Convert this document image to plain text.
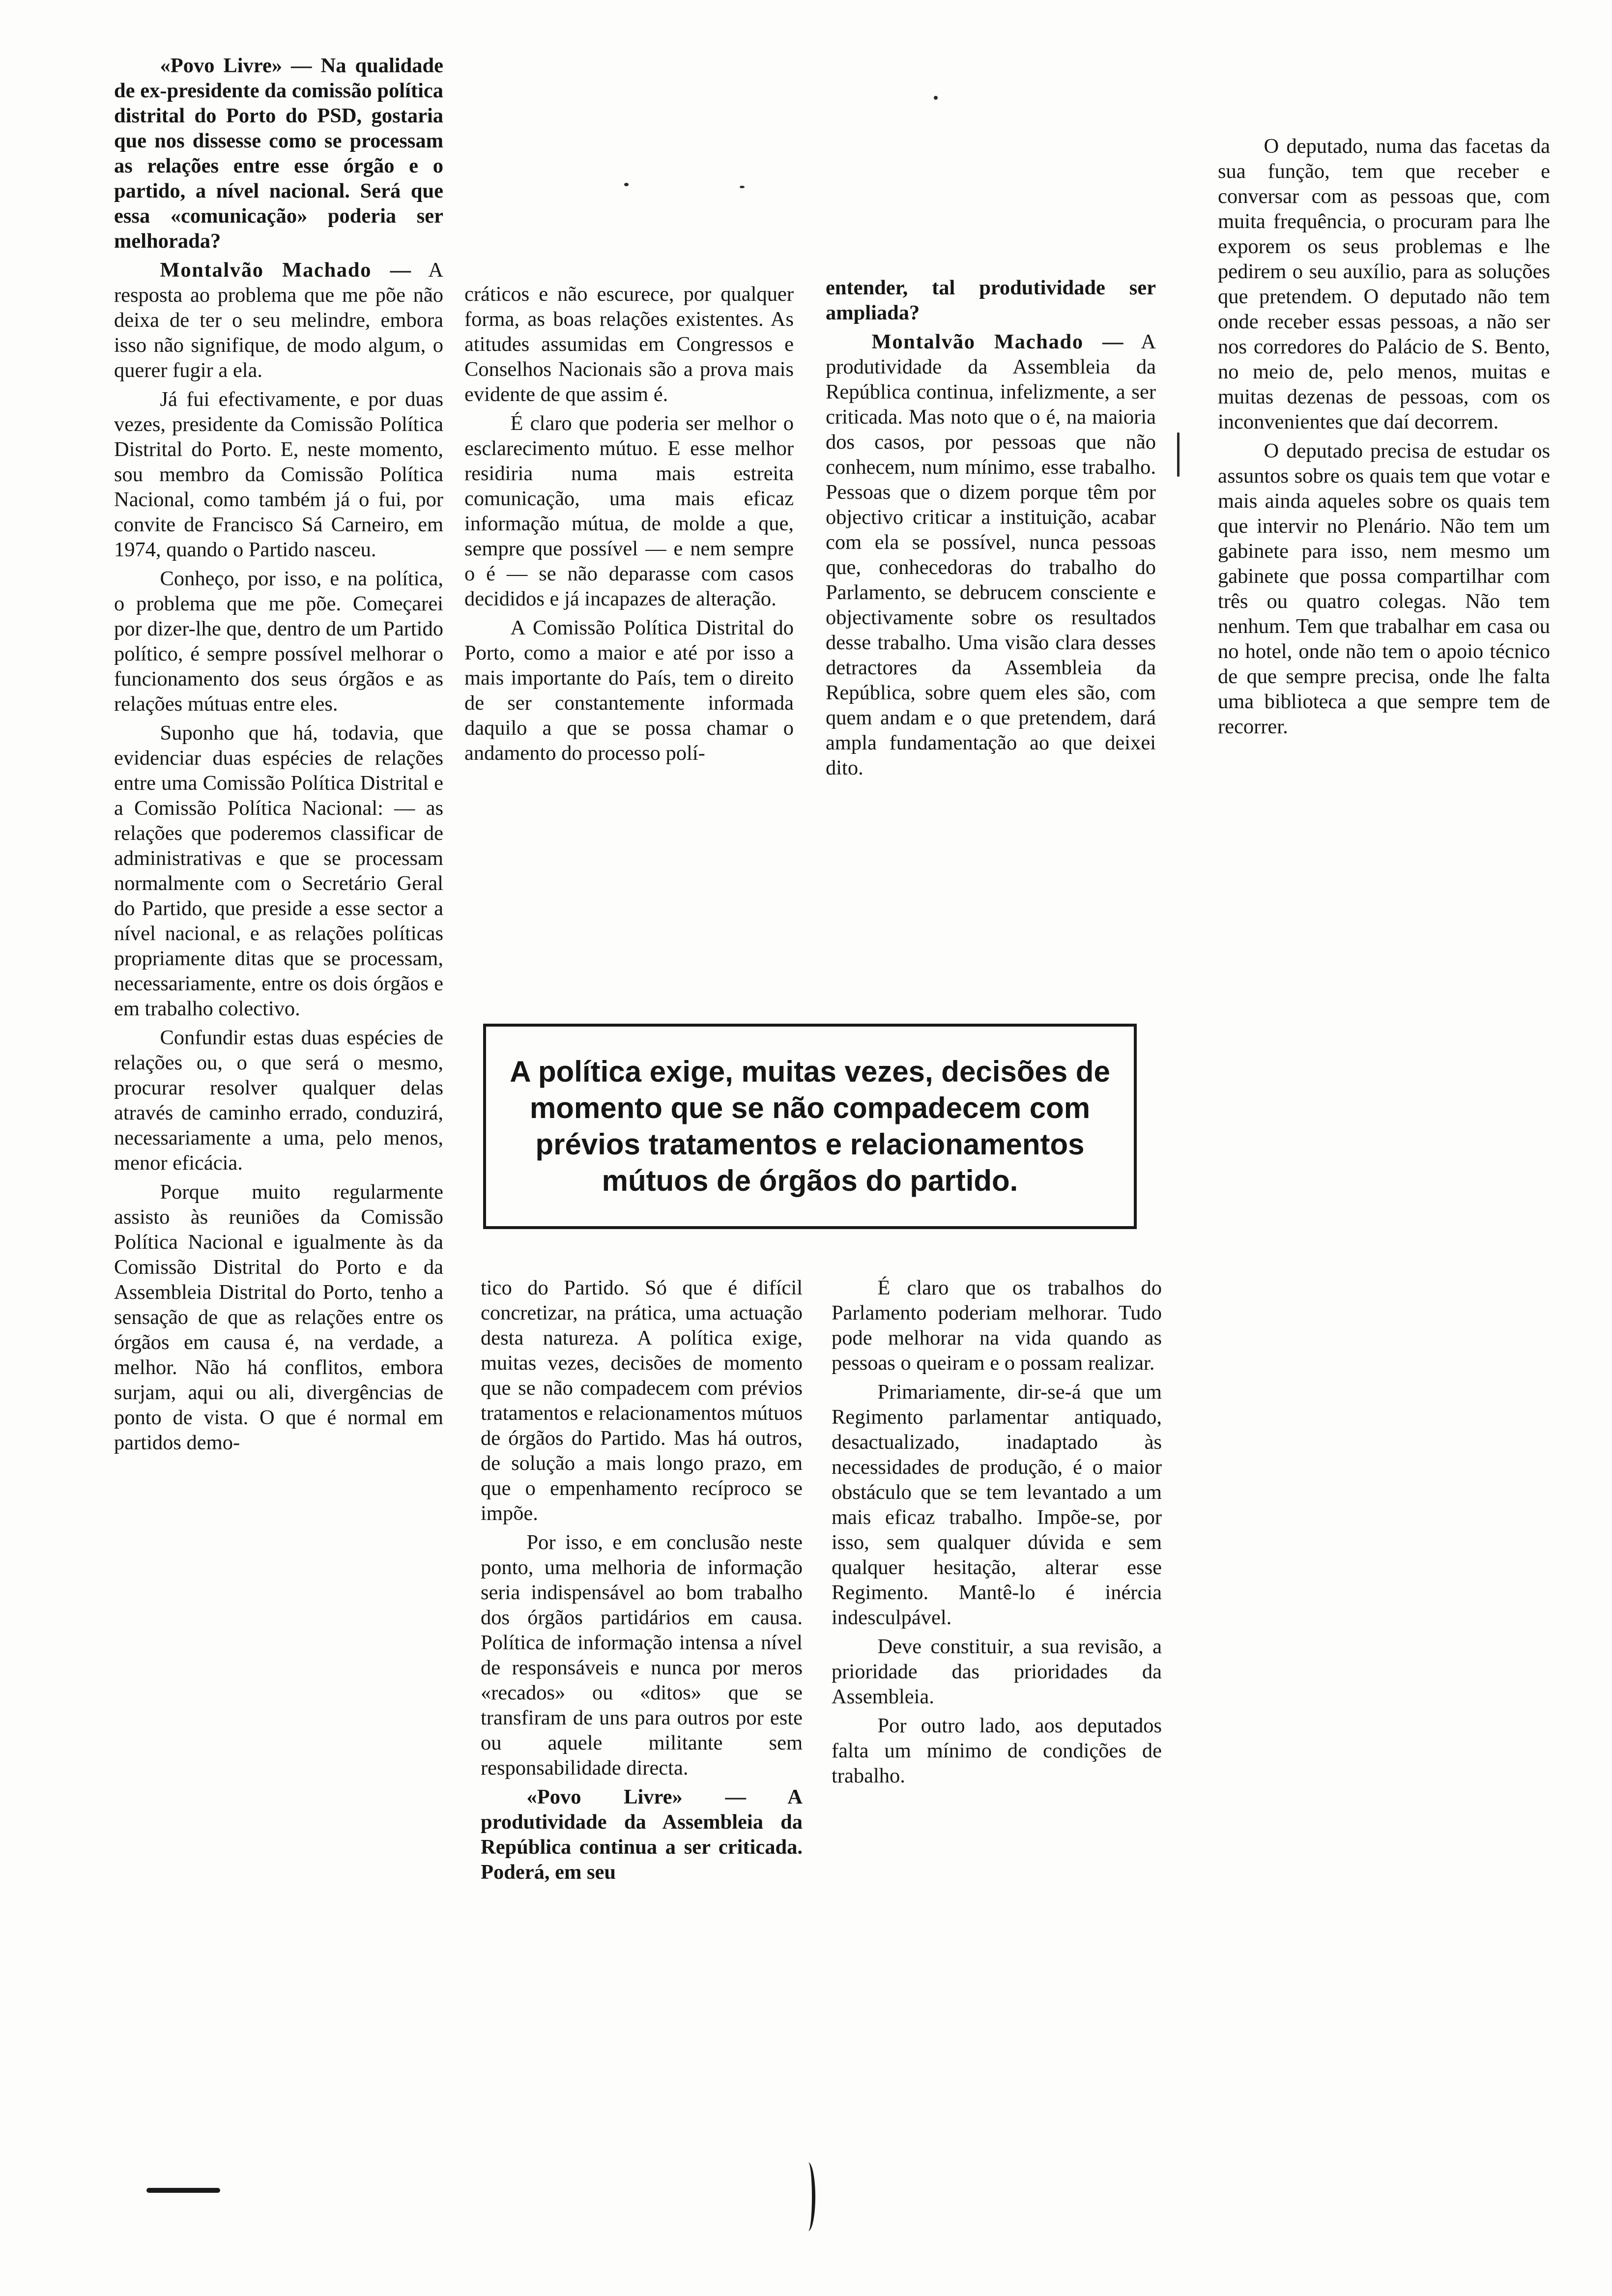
«Povo Livre» — Na qualidade de ex-presidente da comissão política distrital do Porto do PSD, gostaria que nos dissesse como se processam as relações entre esse órgão e o partido, a nível nacional. Será que essa «comunicação» poderia ser melhorada?

Montalvão Machado — A resposta ao problema que me põe não deixa de ter o seu melindre, embora isso não signifique, de modo algum, o querer fugir a ela.

Já fui efectivamente, e por duas vezes, presidente da Comissão Política Distrital do Porto. E, neste momento, sou membro da Comissão Política Nacional, como também já o fui, por convite de Francisco Sá Carneiro, em 1974, quando o Partido nasceu.

Conheço, por isso, e na política, o problema que me põe. Começarei por dizer-lhe que, dentro de um Partido político, é sempre possível melhorar o funcionamento dos seus órgãos e as relações mútuas entre eles.

Suponho que há, todavia, que evidenciar duas espécies de relações entre uma Comissão Política Distrital e a Comissão Política Nacional: — as relações que poderemos classificar de administrativas e que se processam normalmente com o Secretário Geral do Partido, que preside a esse sector a nível nacional, e as relações políticas propriamente ditas que se processam, necessariamente, entre os dois órgãos e em trabalho colectivo.

Confundir estas duas espécies de relações ou, o que será o mesmo, procurar resolver qualquer delas através de caminho errado, conduzirá, necessariamente a uma, pelo menos, menor eficácia.

Porque muito regularmente assisto às reuniões da Comissão Política Nacional e igualmente às da Comissão Distrital do Porto e da Assembleia Distrital do Porto, tenho a sensação de que as relações entre os órgãos em causa é, na verdade, a melhor. Não há conflitos, embora surjam, aqui ou ali, divergências de ponto de vista. O que é normal em partidos demo-

cráticos e não escurece, por qualquer forma, as boas relações existentes. As atitudes assumidas em Congressos e Conselhos Nacionais são a prova mais evidente de que assim é.

É claro que poderia ser melhor o esclarecimento mútuo. E esse melhor residiria numa mais estreita comunicação, uma mais eficaz informação mútua, de molde a que, sempre que possível — e nem sempre o é — se não deparasse com casos decididos e já incapazes de alteração.

A Comissão Política Distrital do Porto, como a maior e até por isso a mais importante do País, tem o direito de ser constantemente informada daquilo a que se possa chamar o andamento do processo polí-

entender, tal produtividade ser ampliada?

Montalvão Machado — A produtividade da Assembleia da República continua, infelizmente, a ser criticada. Mas noto que o é, na maioria dos casos, por pessoas que não conhecem, num mínimo, esse trabalho. Pessoas que o dizem porque têm por objectivo criticar a instituição, acabar com ela se possível, nunca pessoas que, conhecedoras do trabalho do Parlamento, se debrucem consciente e objectivamente sobre os resultados desse trabalho. Uma visão clara desses detractores da Assembleia da República, sobre quem eles são, com quem andam e o que pretendem, dará ampla fundamentação ao que deixei dito.

O deputado, numa das facetas da sua função, tem que receber e conversar com as pessoas que, com muita frequência, o procuram para lhe exporem os seus problemas e lhe pedirem o seu auxílio, para as soluções que pretendem. O deputado não tem onde receber essas pessoas, a não ser nos corredores do Palácio de S. Bento, no meio de, pelo menos, muitas e muitas dezenas de pessoas, com os inconvenientes que daí decorrem.

O deputado precisa de estudar os assuntos sobre os quais tem que votar e mais ainda aqueles sobre os quais tem que intervir no Plenário. Não tem um gabinete para isso, nem mesmo um gabinete que possa compartilhar com três ou quatro colegas. Não tem nenhum. Tem que trabalhar em casa ou no hotel, onde não tem o apoio técnico de que sempre precisa, onde lhe falta uma biblioteca a que sempre tem de recorrer.

A política exige, muitas vezes, decisões de momento que se não compadecem com prévios tratamentos e relacionamentos mútuos de órgãos do partido.

tico do Partido. Só que é difícil concretizar, na prática, uma actuação desta natureza. A política exige, muitas vezes, decisões de momento que se não compadecem com prévios tratamentos e relacionamentos mútuos de órgãos do Partido. Mas há outros, de solução a mais longo prazo, em que o empenhamento recíproco se impõe.

Por isso, e em conclusão neste ponto, uma melhoria de informação seria indispensável ao bom trabalho dos órgãos partidários em causa. Política de informação intensa a nível de responsáveis e nunca por meros «recados» ou «ditos» que se transfiram de uns para outros por este ou aquele militante sem responsabilidade directa.

«Povo Livre» — A produtividade da Assembleia da República continua a ser criticada. Poderá, em seu

É claro que os trabalhos do Parlamento poderiam melhorar. Tudo pode melhorar na vida quando as pessoas o queiram e o possam realizar.

Primariamente, dir-se-á que um Regimento parlamentar antiquado, desactualizado, inadaptado às necessidades de produção, é o maior obstáculo que se tem levantado a um mais eficaz trabalho. Impõe-se, por isso, sem qualquer dúvida e sem qualquer hesitação, alterar esse Regimento. Mantê-lo é inércia indesculpável.

Deve constituir, a sua revisão, a prioridade das prioridades da Assembleia.

Por outro lado, aos deputados falta um mínimo de condições de trabalho.
